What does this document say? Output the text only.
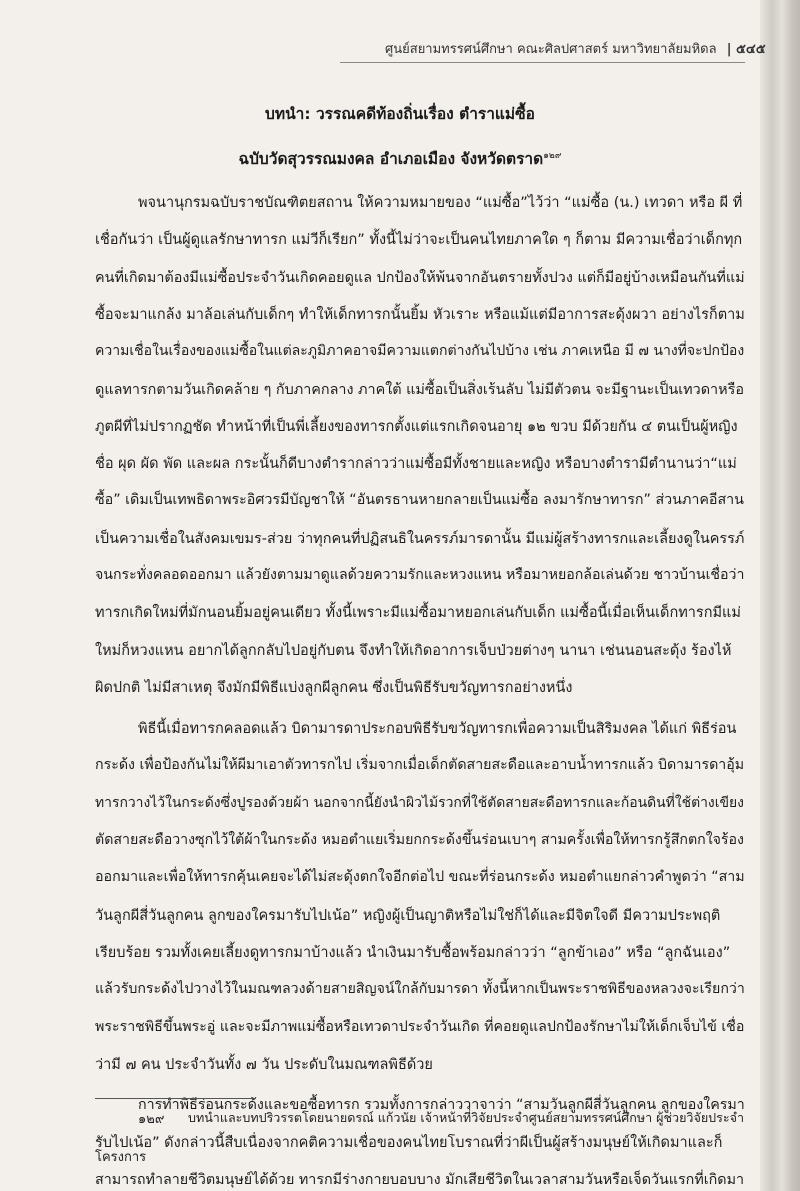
ศูนย์สยามทรรศน์ศึกษา คณะศิลปศาสตร์ มหาวิทยาลัยมหิดล | ๕๔๕
บทนำ: วรรณคดีท้องถิ่นเรื่อง ตำราแม่ซื้อ
ฉบับวัดสุวรรณมงคล อำเภอเมือง จังหวัดตราด$^{๑๒๙}$
พจนานุกรมฉบับราชบัณฑิตยสถาน ให้ความหมายของ “แม่ซื้อ”ไว้ว่า “แม่ซื้อ (น.) เทวดา หรือ ผี ที่
เชื่อกันว่า เป็นผู้ดูแลรักษาทารก แม่วีก็เรียก” ทั้งนี้ไม่ว่าจะเป็นคนไทยภาคใด ๆ ก็ตาม มีความเชื่อว่าเด็กทุก
คนที่เกิดมาต้องมีแม่ซื้อประจำวันเกิดคอยดูแล ปกป้องให้พ้นจากอันตรายทั้งปวง แต่ก็มีอยู่บ้างเหมือนกันที่แม่
ซื้อจะมาแกล้ง มาล้อเล่นกับเด็กๆ ทำให้เด็กทารกนั้นยิ้ม หัวเราะ หรือแม้แต่มีอาการสะดุ้งผวา อย่างไรก็ตาม
ความเชื่อในเรื่องของแม่ซื้อในแต่ละภูมิภาคอาจมีความแตกต่างกันไปบ้าง เช่น ภาคเหนือ มี ๗ นางที่จะปกป้อง
ดูแลทารกตามวันเกิดคล้าย ๆ กับภาคกลาง ภาคใต้ แม่ซื้อเป็นสิ่งเร้นลับ ไม่มีตัวตน จะมีฐานะเป็นเทวดาหรือ
ภูตผีที่ไม่ปรากฏชัด ทำหน้าที่เป็นพี่เลี้ยงของทารกตั้งแต่แรกเกิดจนอายุ ๑๒ ขวบ มีด้วยกัน ๔ ตนเป็นผู้หญิง
ชื่อ ผุด ผัด พัด และผล กระนั้นก็ดีบางตำรากล่าวว่าแม่ซื้อมีทั้งชายและหญิง หรือบางตำรามีตำนานว่า“แม่
ซื้อ” เดิมเป็นเทพธิดาพระอิศวรมีบัญชาให้ “อันตรธานหายกลายเป็นแม่ซื้อ ลงมารักษาทารก” ส่วนภาคอีสาน
เป็นความเชื่อในสังคมเขมร-ส่วย ว่าทุกคนที่ปฏิสนธิในครรภ์มารดานั้น มีแม่ผู้สร้างทารกและเลี้ยงดูในครรภ์
จนกระทั่งคลอดออกมา แล้วยังตามมาดูแลด้วยความรักและหวงแหน หรือมาหยอกล้อเล่นด้วย ชาวบ้านเชื่อว่า
ทารกเกิดใหม่ที่มักนอนยิ้มอยู่คนเดียว ทั้งนี้เพราะมีแม่ซื้อมาหยอกเล่นกับเด็ก แม่ซื้อนี้เมื่อเห็นเด็กทารกมีแม่
ใหม่ก็หวงแหน อยากได้ลูกกลับไปอยู่กับตน จึงทำให้เกิดอาการเจ็บป่วยต่างๆ นานา เช่นนอนสะดุ้ง ร้องไห้
ผิดปกติ ไม่มีสาเหตุ จึงมักมีพิธีแบ่งลูกผีลูกคน ซึ่งเป็นพิธีรับขวัญทารกอย่างหนึ่ง
พิธีนี้เมื่อทารกคลอดแล้ว บิดามารดาประกอบพิธีรับขวัญทารกเพื่อความเป็นสิริมงคล ได้แก่ พิธีร่อน
กระด้ง เพื่อป้องกันไม่ให้ผีมาเอาตัวทารกไป เริ่มจากเมื่อเด็กตัดสายสะดือและอาบน้ำทารกแล้ว บิดามารดาอุ้ม
ทารกวางไว้ในกระด้งซึ่งปูรองด้วยผ้า นอกจากนี้ยังนำผิวไม้รวกที่ใช้ตัดสายสะดือทารกและก้อนดินที่ใช้ต่างเขียง
ตัดสายสะดือวางซุกไว้ใต้ผ้าในกระด้ง หมอตำแยเริ่มยกกระด้งขึ้นร่อนเบาๆ สามครั้งเพื่อให้ทารกรู้สึกตกใจร้อง
ออกมาและเพื่อให้ทารกคุ้นเคยจะได้ไม่สะดุ้งตกใจอีกต่อไป ขณะที่ร่อนกระด้ง หมอตำแยกล่าวคำพูดว่า “สาม
วันลูกผีสี่วันลูกคน ลูกของใครมารับไปเน้อ” หญิงผู้เป็นญาติหรือไม่ใช่ก็ได้และมีจิตใจดี มีความประพฤติ
เรียบร้อย รวมทั้งเคยเลี้ยงดูทารกมาบ้างแล้ว นำเงินมารับซื้อพร้อมกล่าวว่า “ลูกข้าเอง” หรือ “ลูกฉันเอง”
แล้วรับกระด้งไปวางไว้ในมณฑลวงด้ายสายสิญจน์ใกล้กับมารดา ทั้งนี้หากเป็นพระราชพิธีของหลวงจะเรียกว่า
พระราชพิธีขึ้นพระอู่ และจะมีภาพแม่ซื้อหรือเทวดาประจำวันเกิด ที่คอยดูแลปกป้องรักษาไม่ให้เด็กเจ็บไข้ เชื่อ
ว่ามี ๗ คน ประจำวันทั้ง ๗ วัน ประดับในมณฑลพิธีด้วย
การทำพิธีร่อนกระด้งและขอซื้อทารก รวมทั้งการกล่าววาจาว่า “สามวันลูกผีสี่วันลูกคน ลูกของใครมา
รับไปเน้อ” ดังกล่าวนี้สืบเนื่องจากคติความเชื่อของคนไทยโบราณที่ว่าผีเป็นผู้สร้างมนุษย์ให้เกิดมาและก็
สามารถทำลายชีวิตมนุษย์ได้ด้วย ทารกมีร่างกายบอบบาง มักเสียชีวิตในเวลาสามวันหรือเจ็ดวันแรกที่เกิดมา
๑๒๙ บทนำและบทปริวรรตโดยนายดรณ์ แก้วนัย เจ้าหน้าที่วิจัยประจำศูนย์สยามทรรศน์ศึกษา ผู้ช่วยวิจัยประจำ
โครงการ
